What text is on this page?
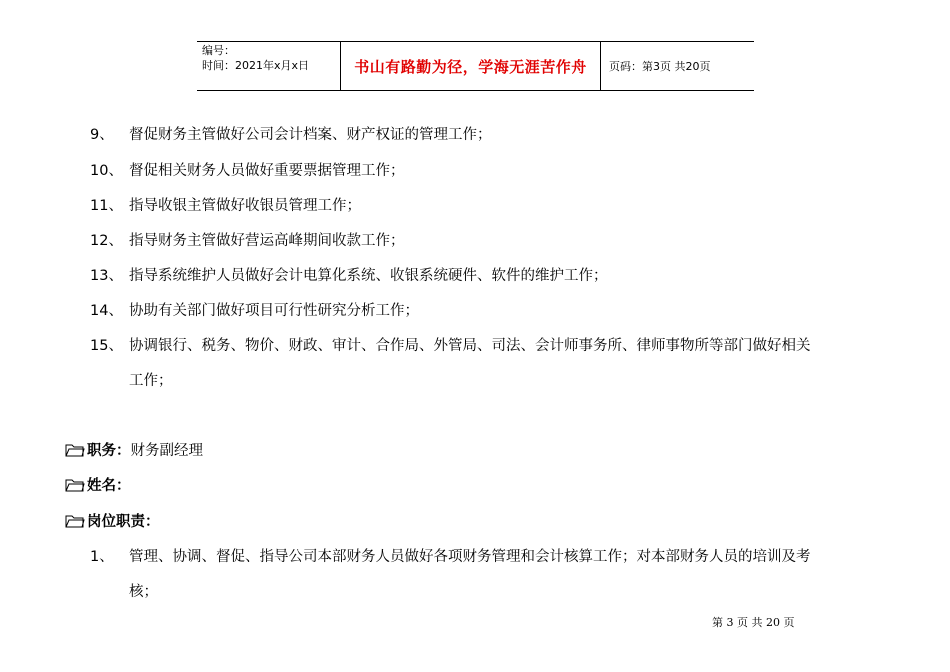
编号：
时间：2021年x月x日	书山有路勤为径，学海无涯苦作舟	页码：第3页 共20页
9、 督促财务主管做好公司会计档案、财产权证的管理工作；
10、 督促相关财务人员做好重要票据管理工作；
11、 指导收银主管做好收银员管理工作；
12、 指导财务主管做好营运高峰期间收款工作；
13、 指导系统维护人员做好会计电算化系统、收银系统硬件、软件的维护工作；
14、 协助有关部门做好项目可行性研究分析工作；
15、 协调银行、税务、物价、财政、审计、合作局、外管局、司法、会计师事务所、律师事物所等部门做好相关
工作；
职务： 财务副经理
姓名：
岗位职责：
1、 管理、协调、督促、指导公司本部财务人员做好各项财务管理和会计核算工作；对本部财务人员的培训及考
核；
第 3 页 共 20 页
